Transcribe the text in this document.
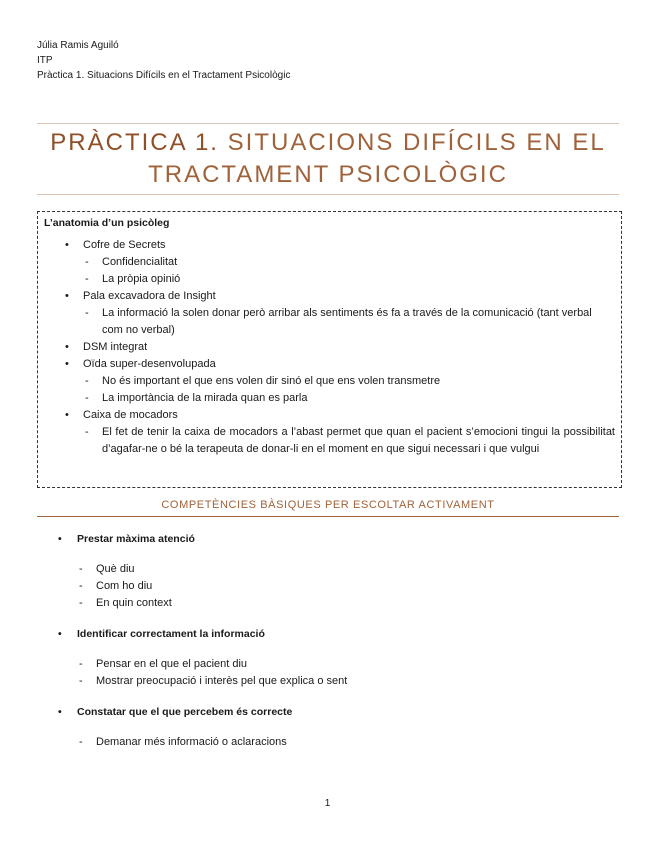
Júlia Ramis Aguiló
ITP
Pràctica 1. Situacions Difícils en el Tractament Psicològic
PRÀCTICA 1. SITUACIONS DIFÍCILS EN EL
TRACTAMENT PSICOLÒGIC
L’anatomia d’un psicòleg
• Cofre de Secrets
- Confidencialitat
- La pròpia opinió
• Pala excavadora de Insight
- La informació la solen donar però arribar als sentiments és fa a través de la comunicació (tant verbal com no verbal)
• DSM integrat
• Oïda super-desenvolupada
- No és important el que ens volen dir sinó el que ens volen transmetre
- La importància de la mirada quan es parla
• Caixa de mocadors
- El fet de tenir la caixa de mocadors a l’abast permet que quan el pacient s’emocioni tingui la possibilitat d’agafar-ne o bé la terapeuta de donar-li en el moment en que sigui necessari i que vulgui
COMPETÈNCIES BÀSIQUES PER ESCOLTAR ACTIVAMENT
• Prestar màxima atenció
- Què diu
- Com ho diu
- En quin context
• Identificar correctament la informació
- Pensar en el que el pacient diu
- Mostrar preocupació i interès pel que explica o sent
• Constatar que el que percebem és correcte
- Demanar més informació o aclaracions
1
